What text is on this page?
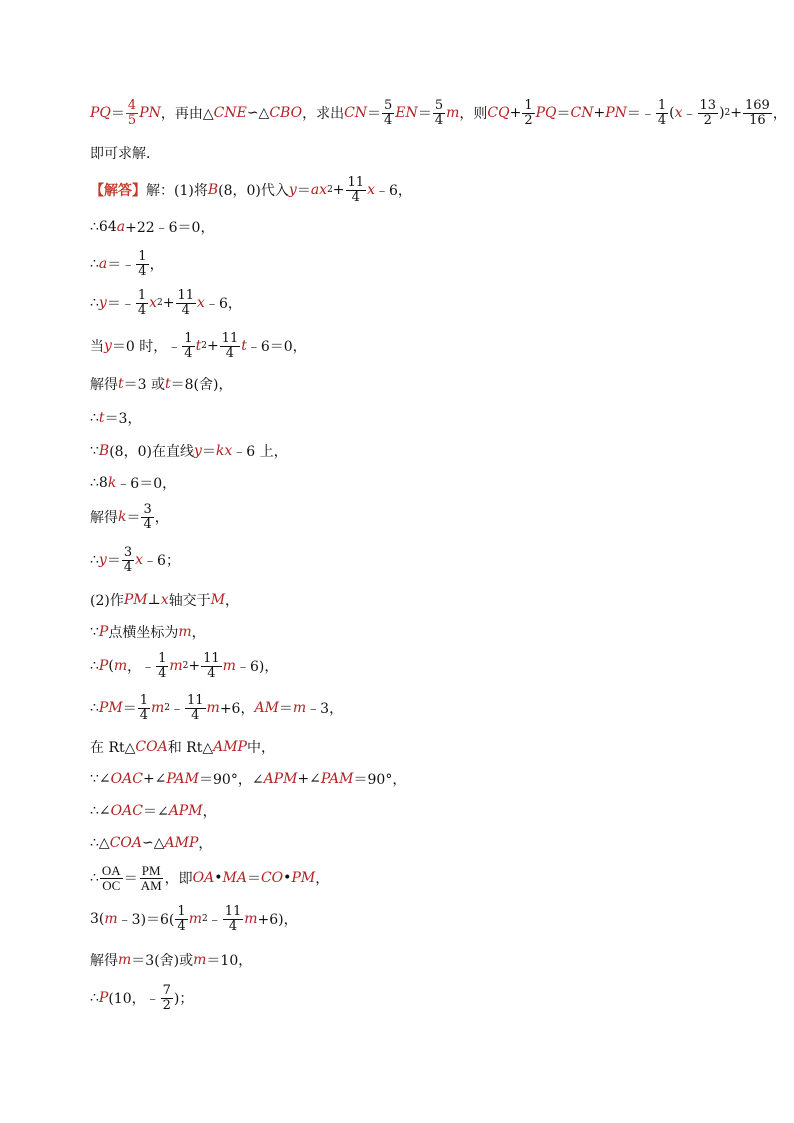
PQ ＝ $\frac{4}{5}$ PN ，再由△ CNE ∽△ CBO ，求出 CN ＝ $\frac{5}{4}$ EN ＝ $\frac{5}{4}$ m ，则 CQ + $\frac{1}{2}$ PQ ＝ CN + PN ＝﹣ $\frac{1}{4}$ ( x ﹣ $\frac{13}{2}$ ) $2 + \frac{169}{16}$ ，
即可求解．
【解答】 解：(1)将 B (8，0)代入 y ＝ ax $2 + \frac{11}{4}$ x ﹣6，
∴64 a +22﹣6＝0，
∴ a ＝﹣ $\frac{1}{4}$ ，
∴ y ＝﹣ $\frac{1}{4}$ x $2 + \frac{11}{4}$ x ﹣6，
当 y ＝0 时，﹣ $\frac{1}{4}$ t $2 + \frac{11}{4}$ t ﹣6＝0，
解得 t ＝3 或 t ＝8(舍)，
∴ t ＝3，
∵ B (8，0)在直线 y ＝ kx ﹣6 上，
∴8 k ﹣6＝0，
解得 $k = \frac{3}{4}$ ，
∴ $y = \frac{3}{4}$ x ﹣6；
(2)作 PM ⊥ x 轴交于 M ，
∵ P 点横坐标为 m ，
∴ P ( m ，﹣ $\frac{1}{4}$ m $2 + \frac{11}{4}$ m ﹣6)，
∴ PM ＝ $\frac{1}{4}$ m 2 ﹣ $\frac{11}{4}$ m +6， AM ＝ m ﹣3，
在 Rt△ COA 和 Rt△ AMP 中，
∵∠ OAC +∠ PAM ＝90°，∠ APM +∠ PAM ＝90°，
∴∠ OAC ＝∠ APM ，
∴△ COA ∽△ AMP ，
∴ $\frac{OA}{OC} = \frac{PM}{AM}$ ，即 OA • MA ＝ CO • PM ，
3( m ﹣3)＝6( $\frac{1}{4}$ m 2 ﹣ $\frac{11}{4}$ m +6)，
解得 m ＝3(舍)或 m ＝10，
∴ P (10，﹣ $\frac{7}{2}$ )；
